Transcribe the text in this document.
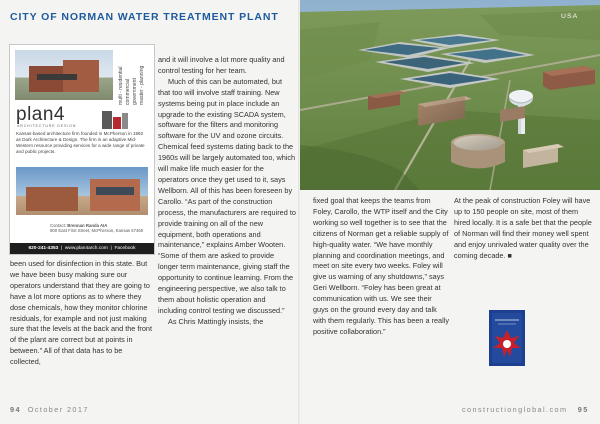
CITY OF NORMAN WATER TREATMENT PLANT
multi - residential commercial government master - planning
plan4
ARCHITECTURE DESIGN
Kansas-based architecture firm founded in McPherson in 1992 as Dark Architecture & Design. The firm is an adaptive Mid-Western resource providing services for a wide range of private and public projects.
Contact: Brennan Randa AIA
900 East First Street, McPherson, Kansas 67460
620-241-4353  |  www.plan4arch.com  |  Facebook

been used for disinfection in this state. But we have been busy making sure our operators understand that they are going to have a lot more options as to where they dose chemicals, how they monitor chlorine residuals, for example and not just making sure that the levels at the back and the front of the plant are correct but at points in between.” All of that data has to be collected,

and it will involve a lot more quality and control testing for her team.

Much of this can be automated, but that too will involve staff training. New systems being put in place include an upgrade to the existing SCADA system, software for the filters and monitoring software for the UV and ozone circuits. Chemical feed systems dating back to the 1960s will be largely automated too, which will make life much easier for the operators once they get used to it, says Wellborn. All of this has been foreseen by Carollo. “As part of the construction process, the manufacturers are required to provide training on all of the new equipment, both operations and maintenance,” explains Amber Wooten. “Some of them are asked to provide longer term maintenance, giving staff the opportunity to continue learning. From the engineering perspective, we also talk to them about holistic operation and including control testing we discussed.”

As Chris Mattingly insists, the

94 October 2017
USA

fixed goal that keeps the teams from Foley, Carollo, the WTP itself and the City working so well together is to see that the citizens of Norman get a reliable supply of high-quality water. “We have monthly planning and coordination meetings, and meet on site every two weeks. Foley will give us warning of any shutdowns,” says Geri Wellborn. “Foley has been great at communication with us. We see their guys on the ground every day and talk with them regularly. This has been a really positive collaboration.”

At the peak of construction Foley will have up to 150 people on site, most of them hired locally. It is a safe bet that the people of Norman will find their money well spent and enjoy unrivaled water quality over the coming decade. ■

constructionglobal.com 95
